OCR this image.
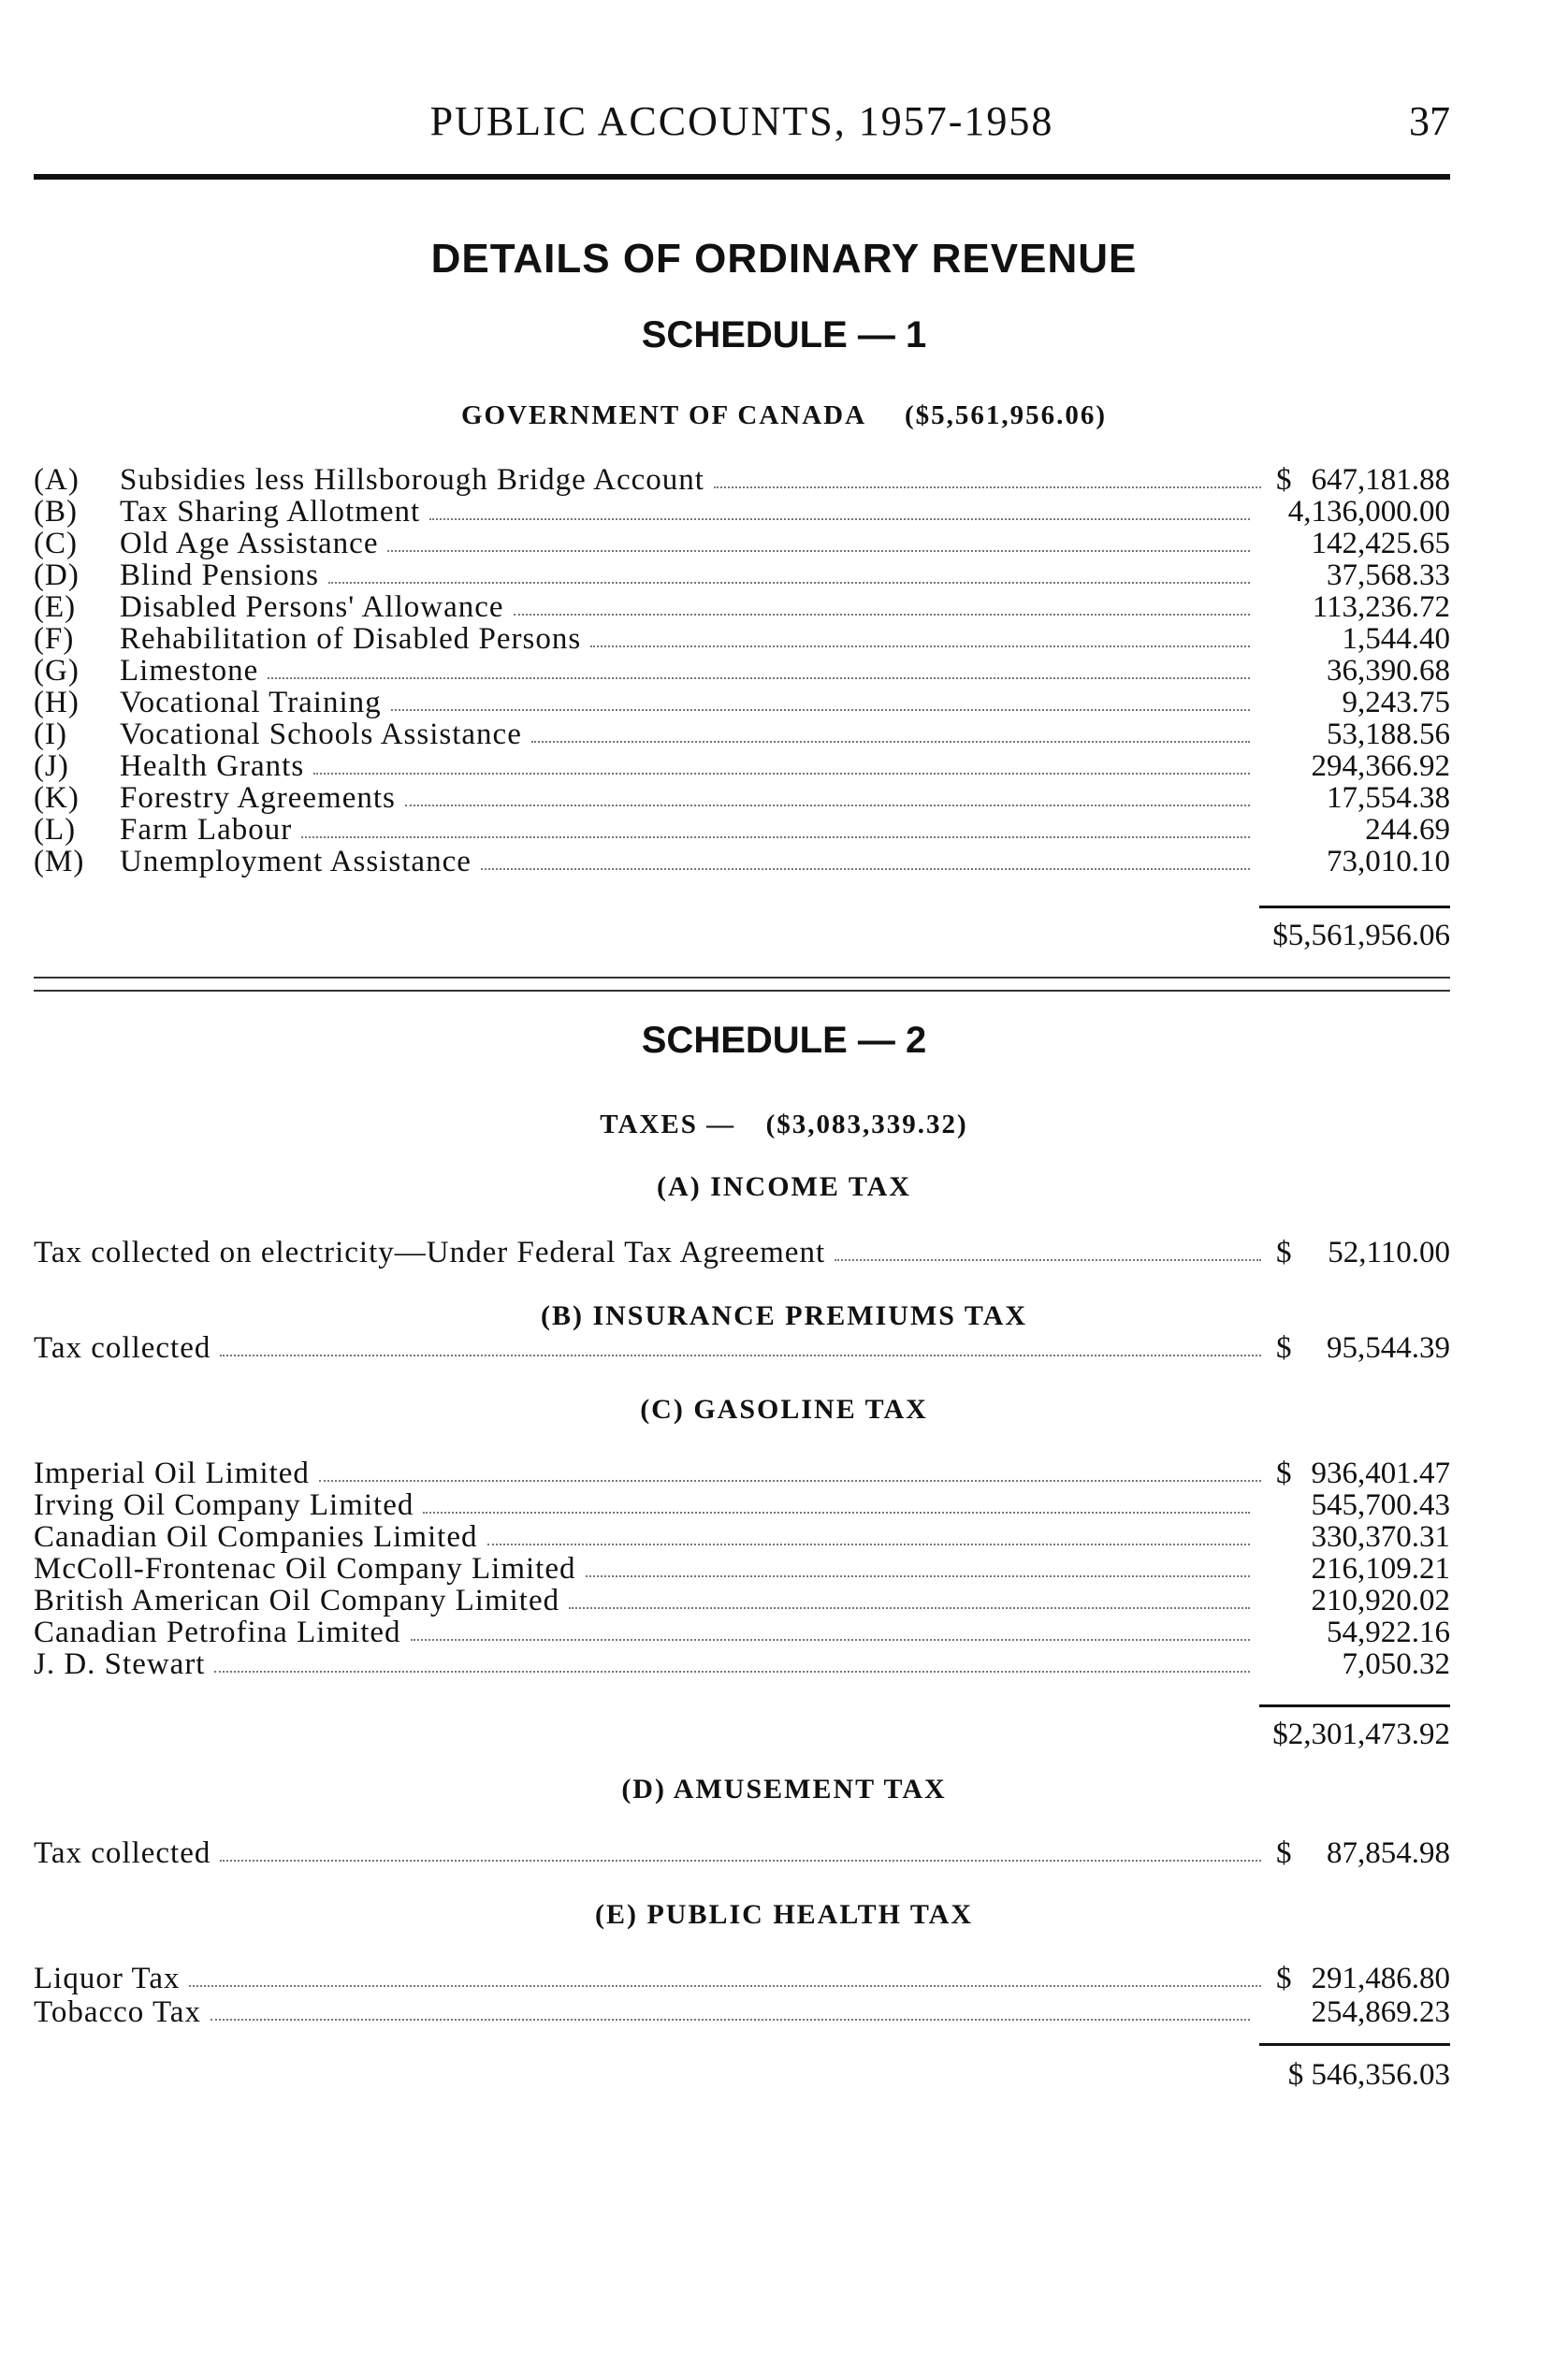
PUBLIC ACCOUNTS, 1957-1958	37
DETAILS OF ORDINARY REVENUE
SCHEDULE — 1
GOVERNMENT OF CANADA ($5,561,956.06)
(A) Subsidies less Hillsborough Bridge Account	$ 647,181.88
(B) Tax Sharing Allotment	4,136,000.00
(C) Old Age Assistance	142,425.65
(D) Blind Pensions	37,568.33
(E) Disabled Persons' Allowance	113,236.72
(F) Rehabilitation of Disabled Persons	1,544.40
(G) Limestone	36,390.68
(H) Vocational Training	9,243.75
(I) Vocational Schools Assistance	53,188.56
(J) Health Grants	294,366.92
(K) Forestry Agreements	17,554.38
(L) Farm Labour	244.69
(M) Unemployment Assistance	73,010.10
$5,561,956.06
SCHEDULE — 2
TAXES — ($3,083,339.32)
(A) INCOME TAX
Tax collected on electricity—Under Federal Tax Agreement	$ 52,110.00
(B) INSURANCE PREMIUMS TAX
Tax collected	$ 95,544.39
(C) GASOLINE TAX
Imperial Oil Limited	$ 936,401.47
Irving Oil Company Limited	545,700.43
Canadian Oil Companies Limited	330,370.31
McColl-Frontenac Oil Company Limited	216,109.21
British American Oil Company Limited	210,920.02
Canadian Petrofina Limited	54,922.16
J. D. Stewart	7,050.32
$2,301,473.92
(D) AMUSEMENT TAX
Tax collected	$ 87,854.98
(E) PUBLIC HEALTH TAX
Liquor Tax	$ 291,486.80
Tobacco Tax	254,869.23
$ 546,356.03
